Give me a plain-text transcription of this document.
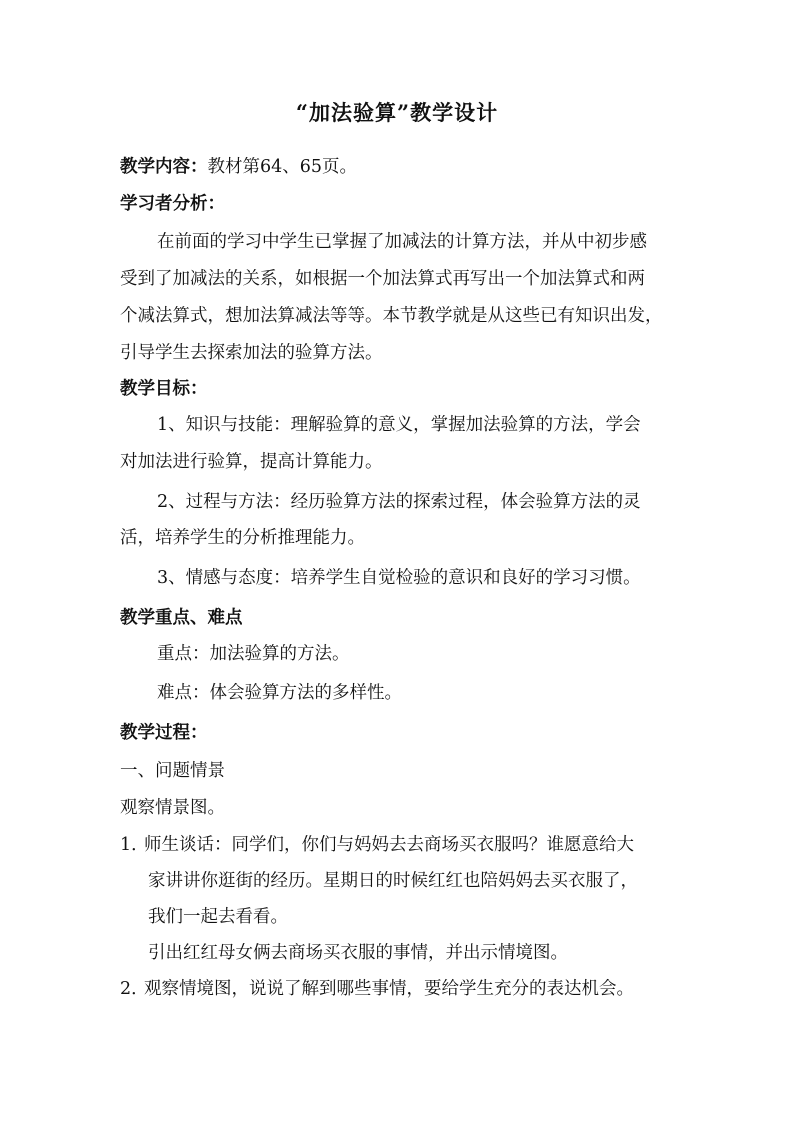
“加法验算”教学设计
教学内容：教材第64、65页。
学习者分析：
在前面的学习中学生已掌握了加减法的计算方法，并从中初步感
受到了加减法的关系，如根据一个加法算式再写出一个加法算式和两
个减法算式，想加法算减法等等。本节教学就是从这些已有知识出发，
引导学生去探索加法的验算方法。
教学目标：
1、知识与技能：理解验算的意义，掌握加法验算的方法，学会
对加法进行验算，提高计算能力。
2、过程与方法：经历验算方法的探索过程，体会验算方法的灵
活，培养学生的分析推理能力。
3、情感与态度：培养学生自觉检验的意识和良好的学习习惯。
教学重点、难点
重点：加法验算的方法。
难点：体会验算方法的多样性。
教学过程：
一、问题情景
观察情景图。
1．
师生谈话：同学们，你们与妈妈去去商场买衣服吗？谁愿意给大
家讲讲你逛街的经历。星期日的时候红红也陪妈妈去买衣服了，
我们一起去看看。
引出红红母女俩去商场买衣服的事情，并出示情境图。
2．
观察情境图，说说了解到哪些事情，要给学生充分的表达机会。
